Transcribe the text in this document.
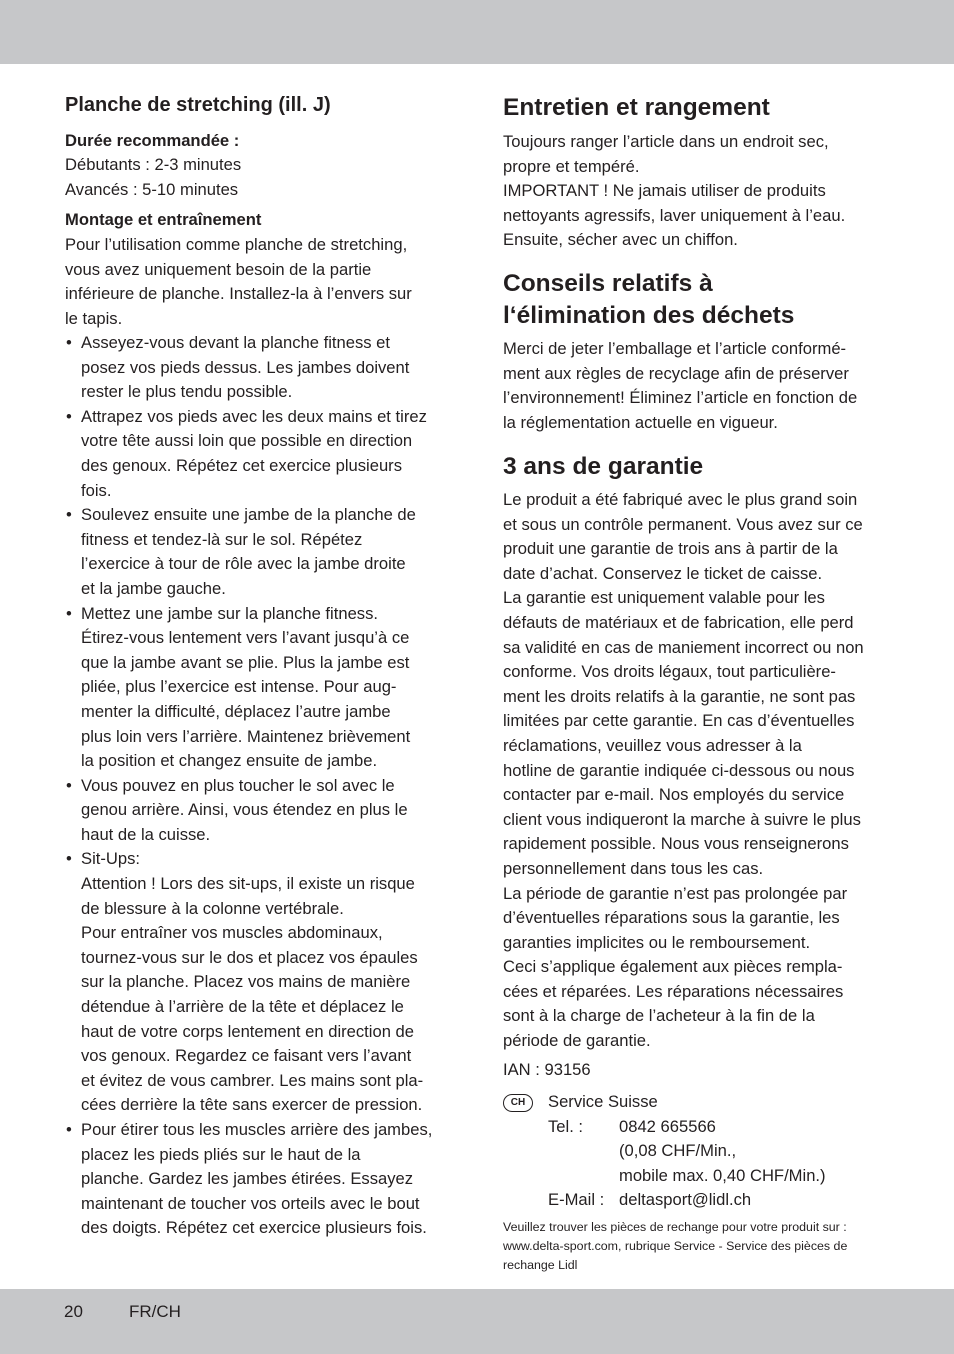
Planche de stretching (ill. J)
Durée recommandée :

Débutants : 2-3 minutes

Avancés : 5-10 minutes

Montage et entraînement

Pour l’utilisation comme planche de stretching,

vous avez uniquement besoin de la partie

inférieure de planche. Installez-la à l’envers sur

le tapis.

• Asseyez-vous devant la planche fitness et
posez vos pieds dessus. Les jambes doivent
rester le plus tendu possible.
• Attrapez vos pieds avec les deux mains et tirez
votre tête aussi loin que possible en direction
des genoux. Répétez cet exercice plusieurs
fois.
• Soulevez ensuite une jambe de la planche de
fitness et tendez-là sur le sol. Répétez
l’exercice à tour de rôle avec la jambe droite
et la jambe gauche.
• Mettez une jambe sur la planche fitness.
Étirez-vous lentement vers l’avant jusqu’à ce
que la jambe avant se plie. Plus la jambe est
pliée, plus l’exercice est intense. Pour aug-
menter la difficulté, déplacez l’autre jambe
plus loin vers l’arrière. Maintenez brièvement
la position et changez ensuite de jambe.
• Vous pouvez en plus toucher le sol avec le
genou arrière. Ainsi, vous étendez en plus le
haut de la cuisse.
• Sit-Ups:
Attention ! Lors des sit-ups, il existe un risque
de blessure à la colonne vertébrale.
Pour entraîner vos muscles abdominaux,
tournez-vous sur le dos et placez vos épaules
sur la planche. Placez vos mains de manière
détendue à l’arrière de la tête et déplacez le
haut de votre corps lentement en direction de
vos genoux. Regardez ce faisant vers l’avant
et évitez de vous cambrer. Les mains sont pla-
cées derrière la tête sans exercer de pression.
• Pour étirer tous les muscles arrière des jambes,
placez les pieds pliés sur le haut de la
planche. Gardez les jambes étirées. Essayez
maintenant de toucher vos orteils avec le bout
des doigts. Répétez cet exercice plusieurs fois.
Entretien et rangement

Toujours ranger l’article dans un endroit sec,

propre et tempéré.

IMPORTANT ! Ne jamais utiliser de produits

nettoyants agressifs, laver uniquement à l’eau.

Ensuite, sécher avec un chiffon.

Conseils relatifs à
l‘élimination des déchets

Merci de jeter l’emballage et l’article conformé-

ment aux règles de recyclage afin de préserver

l’environnement! Éliminez l’article en fonction de

la réglementation actuelle en vigueur.

3 ans de garantie

Le produit a été fabriqué avec le plus grand soin

et sous un contrôle permanent. Vous avez sur ce

produit une garantie de trois ans à partir de la

date d’achat. Conservez le ticket de caisse.

La garantie est uniquement valable pour les

défauts de matériaux et de fabrication, elle perd

sa validité en cas de maniement incorrect ou non

conforme. Vos droits légaux, tout particulière-

ment les droits relatifs à la garantie, ne sont pas

limitées par cette garantie. En cas d’éventuelles

réclamations, veuillez vous adresser à la

hotline de garantie indiquée ci-dessous ou nous

contacter par e-mail. Nos employés du service

client vous indiqueront la marche à suivre le plus

rapidement possible. Nous vous renseignerons

personnellement dans tous les cas.

La période de garantie n’est pas prolongée par

d’éventuelles réparations sous la garantie, les

garanties implicites ou le remboursement.

Ceci s’applique également aux pièces rempla-

cées et réparées. Les réparations nécessaires

sont à la charge de l’acheteur à la fin de la

période de garantie.

IAN : 93156
CH	Service Suisse
Tel. : 0842 665566
(0,08 CHF/Min.,
mobile max. 0,40 CHF/Min.)
E-Mail : deltasport@lidl.ch
Veuillez trouver les pièces de rechange pour votre produit sur :
www.delta-sport.com, rubrique Service - Service des pièces de
rechange Lidl
20	FR/CH
